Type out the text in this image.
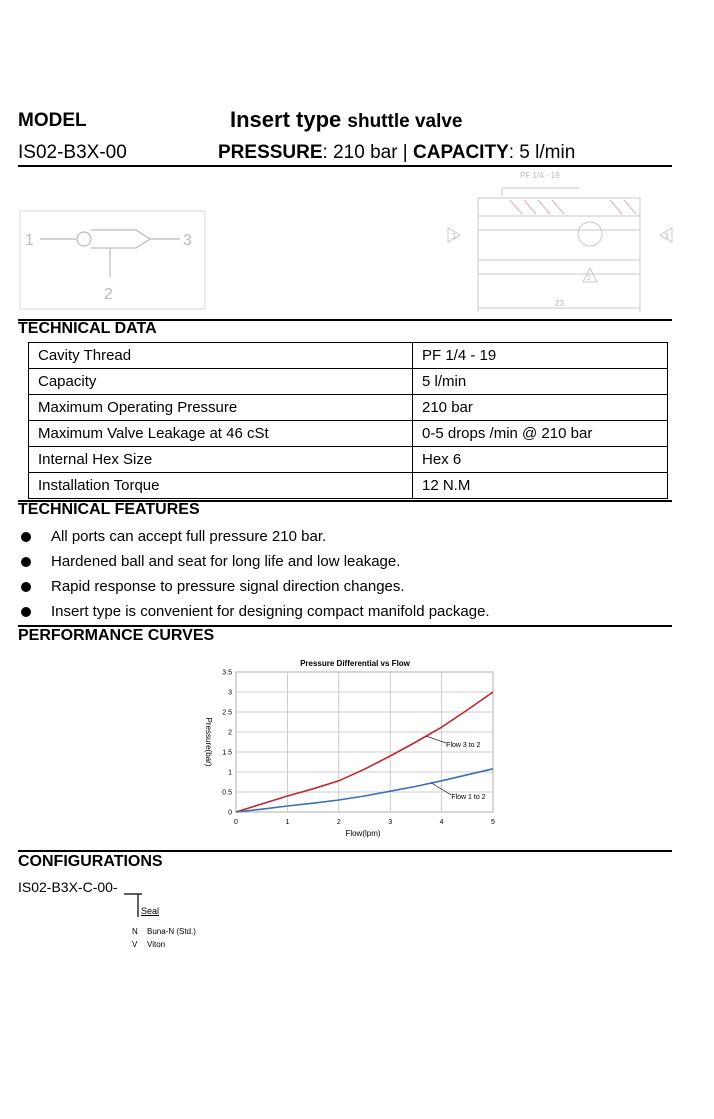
MODEL	Insert type shuttle valve
IS02-B3X-00	PRESSURE: 210 bar | CAPACITY: 5 l/min
1	3
2
PF 1/4 - 19
1	3
2
23
TECHNICAL DATA
Cavity Thread	PF 1/4 - 19
Capacity	5 l/min
Maximum Operating Pressure	210 bar
Maximum Valve Leakage at 46 cSt	0-5 drops /min @ 210 bar
Internal Hex Size	Hex 6
Installation Torque	12 N.M
TECHNICAL FEATURES
All ports can accept full pressure 210 bar.
Hardened ball and seat for long life and low leakage.
Rapid response to pressure signal direction changes.
Insert type is convenient for designing compact manifold package.
PERFORMANCE CURVES
Pressure Differential vs Flow
0	1	2	3	4	5
0
0.5
1
1.5
2
2.5
3
3.5
Flow 3 to 2
Flow 1 to 2
Flow(lpm)
Pressure(bar)
CONFIGURATIONS
IS02-B3X-C-00-
Seal
N Buna-N (Std.)
V Viton
